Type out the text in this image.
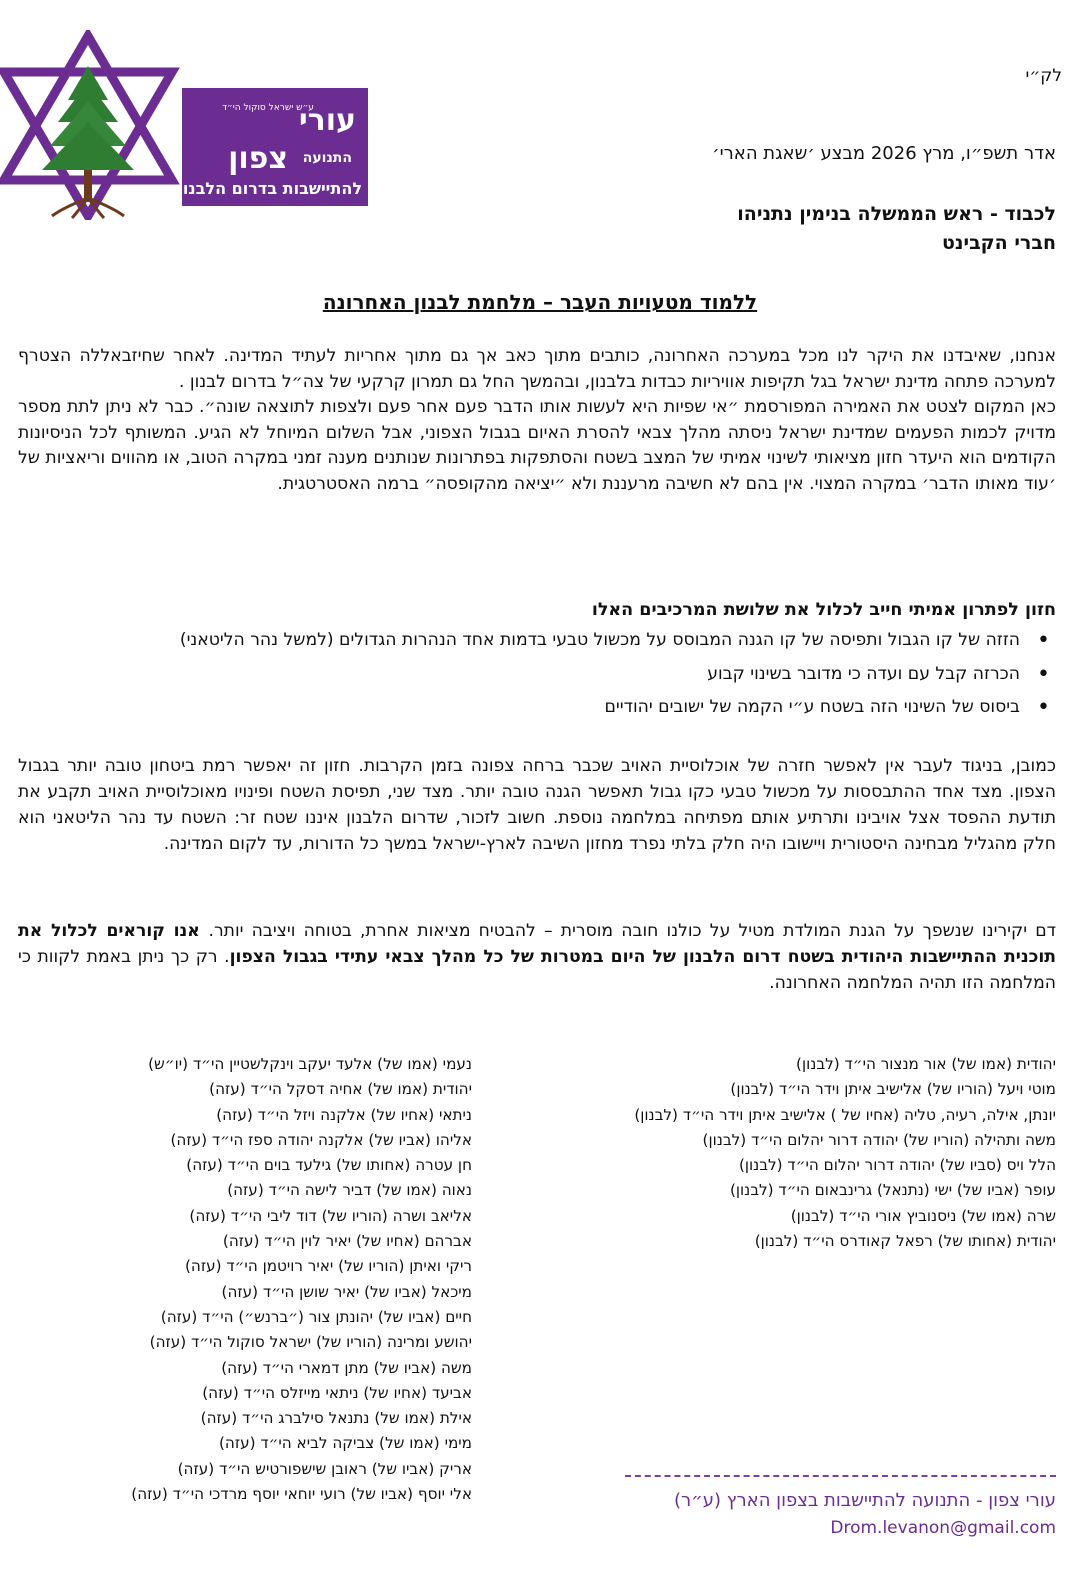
ע״ש ישראל סוקול הי״ד
עורי
צפון התנועה
להתיישבות בדרום הלבנון
לק״י
אדר תשפ״ו, מרץ 2026 מבצע ׳שאגת הארי׳
לכבוד - ראש הממשלה בנימין נתניהו
חברי הקבינט
ללמוד מטעויות העבר – מלחמת לבנון האחרונה

אנחנו, שאיבדנו את היקר לנו מכל במערכה האחרונה, כותבים מתוך כאב אך גם מתוך אחריות לעתיד המדינה. לאחר שחיזבאללה הצטרף למערכה פתחה מדינת ישראל בגל תקיפות אוויריות כבדות בלבנון, ובהמשך החל גם תמרון קרקעי של צה״ל בדרום לבנון .

כאן המקום לצטט את האמירה המפורסמת ״אי שפיות היא לעשות אותו הדבר פעם אחר פעם ולצפות לתוצאה שונה״. כבר לא ניתן לתת מספר מדויק לכמות הפעמים שמדינת ישראל ניסתה מהלך צבאי להסרת האיום בגבול הצפוני, אבל השלום המיוחל לא הגיע. המשותף לכל הניסיונות הקודמים הוא היעדר חזון מציאותי לשינוי אמיתי של המצב בשטח והסתפקות בפתרונות שנותנים מענה זמני במקרה הטוב, או מהווים וריאציות של ׳עוד מאותו הדבר׳ במקרה המצוי. אין בהם לא חשיבה מרעננת ולא ״יציאה מהקופסה״ ברמה האסטרטגית.

חזון לפתרון אמיתי חייב לכלול את שלושת המרכיבים האלו
• הזזה של קו הגבול ותפיסה של קו הגנה המבוסס על מכשול טבעי בדמות אחד הנהרות הגדולים (למשל נהר הליטאני)
• הכרזה קבל עם ועדה כי מדובר בשינוי קבוע
• ביסוס של השינוי הזה בשטח ע״י הקמה של ישובים יהודיים
כמובן, בניגוד לעבר אין לאפשר חזרה של אוכלוסיית האויב שכבר ברחה צפונה בזמן הקרבות. חזון זה יאפשר רמת ביטחון טובה יותר בגבול הצפון. מצד אחד ההתבססות על מכשול טבעי כקו גבול תאפשר הגנה טובה יותר. מצד שני, תפיסת השטח ופינויו מאוכלוסיית האויב תקבע את תודעת ההפסד אצל אויבינו ותרתיע אותם מפתיחה במלחמה נוספת. חשוב לזכור, שדרום הלבנון איננו שטח זר: השטח עד נהר הליטאני הוא חלק מהגליל מבחינה היסטורית ויישובו היה חלק בלתי נפרד מחזון השיבה לארץ-ישראל במשך כל הדורות, עד לקום המדינה.
דם יקירינו שנשפך על הגנת המולדת מטיל על כולנו חובה מוסרית – להבטיח מציאות אחרת, בטוחה ויציבה יותר. אנו קוראים לכלול את תוכנית ההתיישבות היהודית בשטח דרום הלבנון של היום במטרות של כל מהלך צבאי עתידי בגבול הצפון. רק כך ניתן באמת לקוות כי המלחמה הזו תהיה המלחמה האחרונה.
יהודית (אמו של) אור מנצור הי״ד (לבנון)
מוטי ויעל (הוריו של) אלישיב איתן וידר הי״ד (לבנון)
יונתן, אילה, רעיה, טליה (אחיו של ) אלישיב איתן וידר הי״ד (לבנון)
משה ותהילה (הוריו של) יהודה דרור יהלום הי״ד (לבנון)
הלל ויס (סביו של) יהודה דרור יהלום הי״ד (לבנון)
עופר (אביו של) ישי (נתנאל) גרינבאום הי״ד (לבנון)
שרה (אמו של) ניסנוביץ אורי הי״ד (לבנון)
יהודית (אחותו של) רפאל קאודרס הי״ד (לבנון)
נעמי (אמו של) אלעד יעקב וינקלשטיין הי״ד (יו״ש)
יהודית (אמו של) אחיה דסקל הי״ד (עזה)
ניתאי (אחיו של) אלקנה ויזל הי״ד (עזה)
אליהו (אביו של) אלקנה יהודה ספז הי״ד (עזה)
חן עטרה (אחותו של) גילעד בוים הי״ד (עזה)
נאוה (אמו של) דביר לישה הי״ד (עזה)
אליאב ושרה (הוריו של) דוד ליבי הי״ד (עזה)
אברהם (אחיו של) יאיר לוין הי״ד (עזה)
ריקי ואיתן (הוריו של) יאיר רויטמן הי״ד (עזה)
מיכאל (אביו של) יאיר שושן הי״ד (עזה)
חיים (אביו של) יהונתן צור (״ברנש״) הי״ד (עזה)
יהושע ומרינה (הוריו של) ישראל סוקול הי״ד (עזה)
משה (אביו של) מתן דמארי הי״ד (עזה)
אביעד (אחיו של) ניתאי מייזלס הי״ד (עזה)
אילת (אמו של) נתנאל סילברג הי״ד (עזה)
מימי (אמו של) צביקה לביא הי״ד (עזה)
אריק (אביו של) ראובן שישפורטיש הי״ד (עזה)
אלי יוסף (אביו של) רועי יוחאי יוסף מרדכי הי״ד (עזה)	עורי צפון - התנועה להתיישבות בצפון הארץ (ע״ר)
Drom.levanon@gmail.com
